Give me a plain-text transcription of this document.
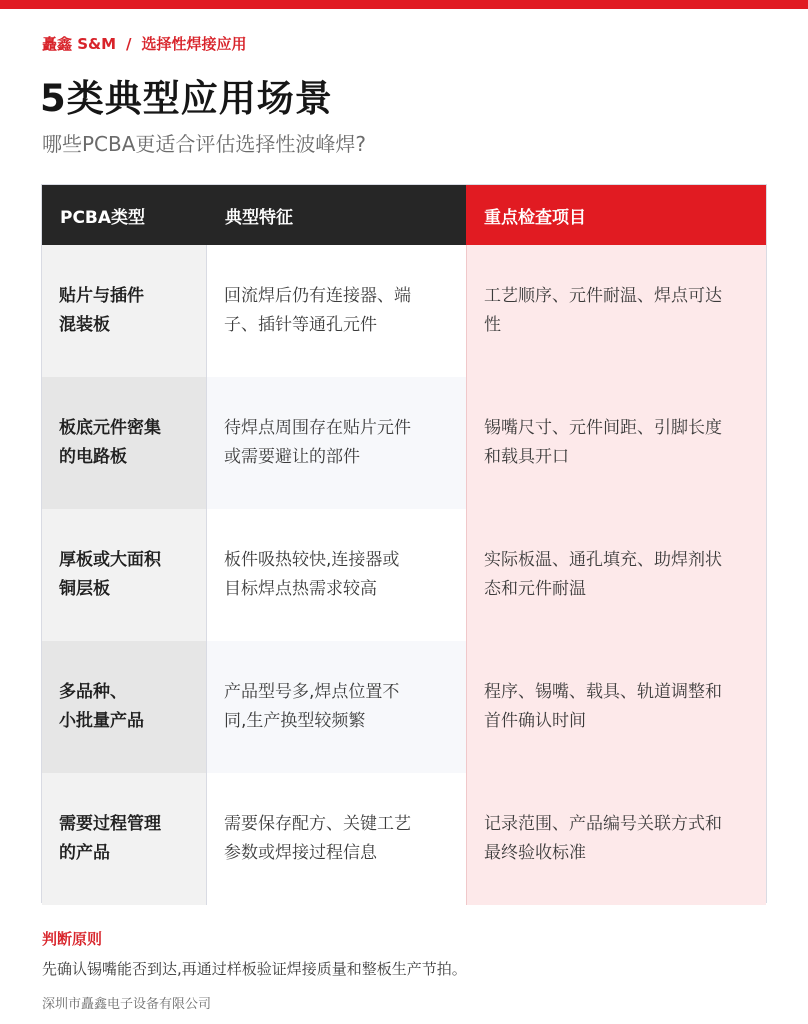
矗鑫 S&M / 选择性焊接应用
5类典型应用场景
哪些PCBA更适合评估选择性波峰焊?
PCBA类型	典型特征	重点检查项目
贴片与插件
混装板
回流焊后仍有连接器、端
子、插针等通孔元件
工艺顺序、元件耐温、焊点可达
性
板底元件密集
的电路板
待焊点周围存在贴片元件
或需要避让的部件
锡嘴尺寸、元件间距、引脚长度
和载具开口
厚板或大面积
铜层板
板件吸热较快,连接器或
目标焊点热需求较高
实际板温、通孔填充、助焊剂状
态和元件耐温
多品种、
小批量产品
产品型号多,焊点位置不
同,生产换型较频繁
程序、锡嘴、载具、轨道调整和
首件确认时间
需要过程管理
的产品
需要保存配方、关键工艺
参数或焊接过程信息
记录范围、产品编号关联方式和
最终验收标准
判断原则
先确认锡嘴能否到达,再通过样板验证焊接质量和整板生产节拍。
深圳市矗鑫电子设备有限公司
